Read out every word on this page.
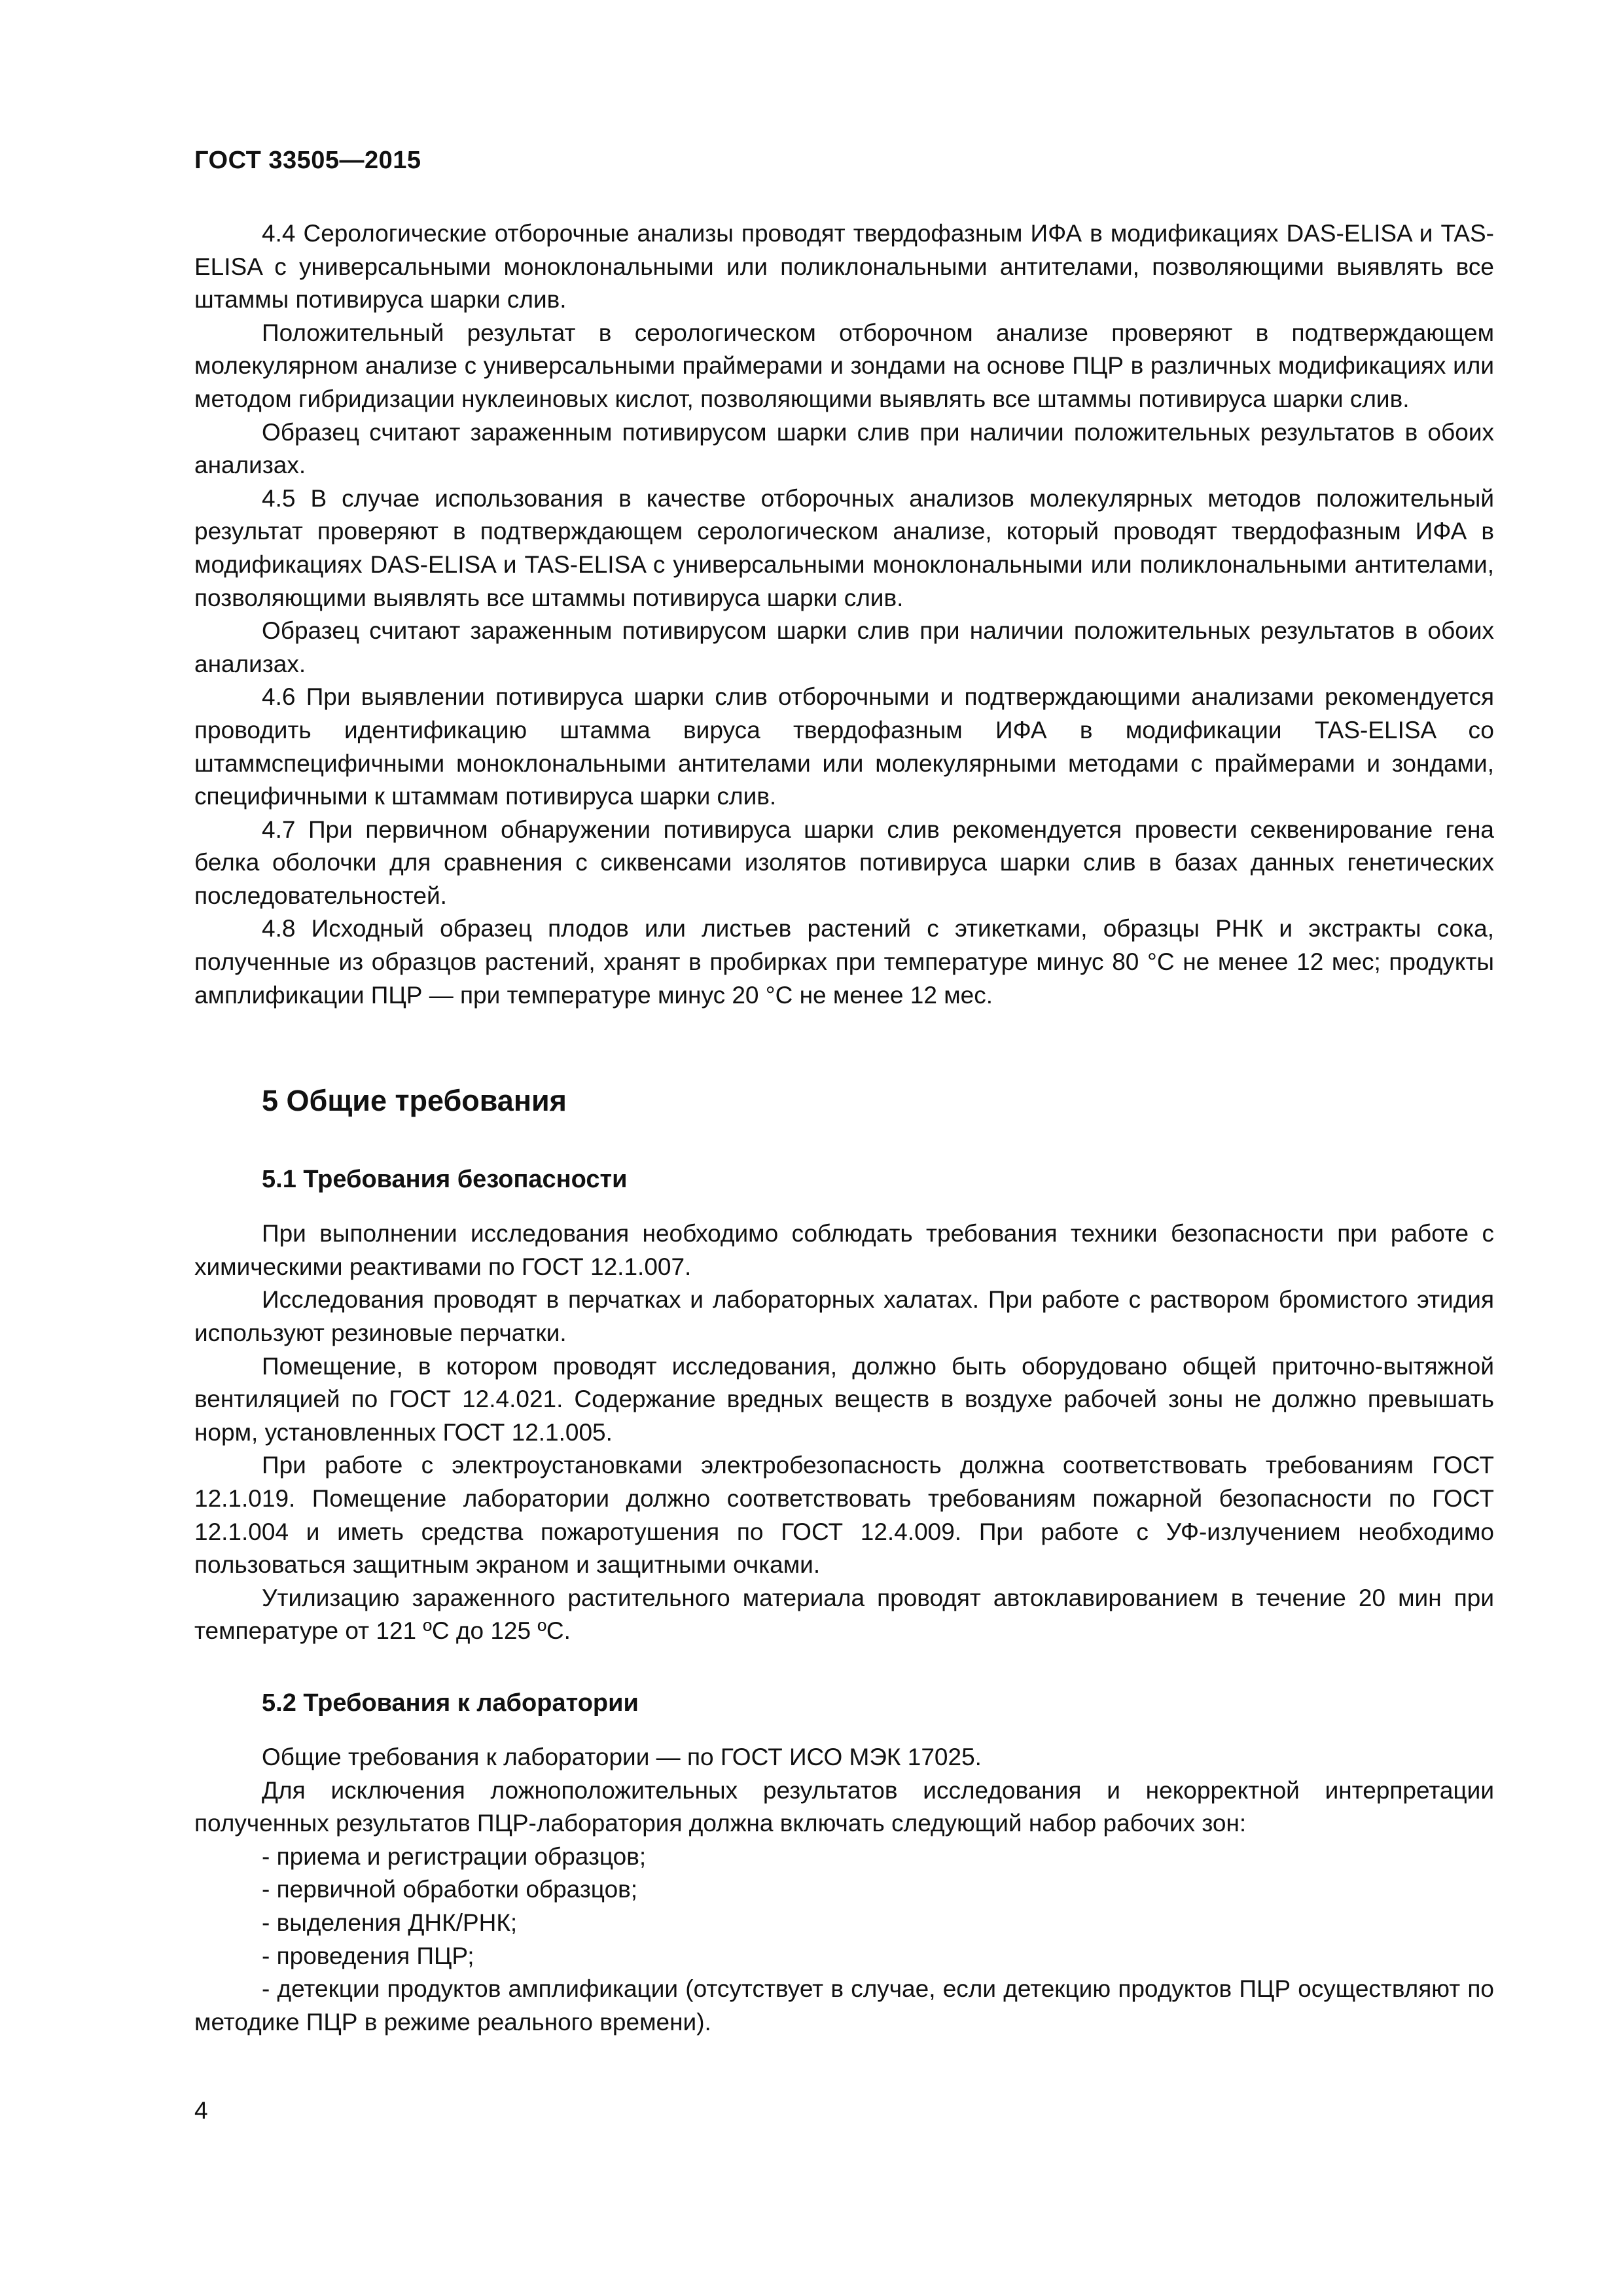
ГОСТ 33505—2015

4.4 Серологические отборочные анализы проводят твердофазным ИФА в модификациях DAS-ELISA и TAS-ELISA с универсальными моноклональными или поликлональными антителами, позволяющими выявлять все штаммы потивируса шарки слив.

Положительный результат в серологическом отборочном анализе проверяют в подтверждающем молекулярном анализе с универсальными праймерами и зондами на основе ПЦР в различных модификациях или методом гибридизации нуклеиновых кислот, позволяющими выявлять все штаммы потивируса шарки слив.

Образец считают зараженным потивирусом шарки слив при наличии положительных результатов в обоих анализах.

4.5 В случае использования в качестве отборочных анализов молекулярных методов положительный результат проверяют в подтверждающем серологическом анализе, который проводят твердофазным ИФА в модификациях DAS-ELISA и TAS-ELISA с универсальными моноклональными или поликлональными антителами, позволяющими выявлять все штаммы потивируса шарки слив.

Образец считают зараженным потивирусом шарки слив при наличии положительных результатов в обоих анализах.

4.6 При выявлении потивируса шарки слив отборочными и подтверждающими анализами рекомендуется проводить идентификацию штамма вируса твердофазным ИФА в модификации TAS-ELISA со штаммспецифичными моноклональными антителами или молекулярными методами с праймерами и зондами, специфичными к штаммам потивируса шарки слив.

4.7 При первичном обнаружении потивируса шарки слив рекомендуется провести секвенирование гена белка оболочки для сравнения с сиквенсами изолятов потивируса шарки слив в базах данных генетических последовательностей.

4.8 Исходный образец плодов или листьев растений с этикетками, образцы РНК и экстракты сока, полученные из образцов растений, хранят в пробирках при температуре минус 80 °С не менее 12 мес; продукты амплификации ПЦР — при температуре минус 20 °С не менее 12 мес.

5 Общие требования
5.1 Требования безопасности

При выполнении исследования необходимо соблюдать требования техники безопасности при работе с химическими реактивами по ГОСТ 12.1.007.

Исследования проводят в перчатках и лабораторных халатах. При работе с раствором бромистого этидия используют резиновые перчатки.

Помещение, в котором проводят исследования, должно быть оборудовано общей приточно-вытяжной вентиляцией по ГОСТ 12.4.021. Содержание вредных веществ в воздухе рабочей зоны не должно превышать норм, установленных ГОСТ 12.1.005.

При работе с электроустановками электробезопасность должна соответствовать требованиям ГОСТ 12.1.019. Помещение лаборатории должно соответствовать требованиям пожарной безопасности по ГОСТ 12.1.004 и иметь средства пожаротушения по ГОСТ 12.4.009. При работе с УФ-излучением необходимо пользоваться защитным экраном и защитными очками.

Утилизацию зараженного растительного материала проводят автоклавированием в течение 20 мин при температуре от 121 ºС до 125 ºС.

5.2 Требования к лаборатории

Общие требования к лаборатории — по ГОСТ ИСО МЭК 17025.

Для исключения ложноположительных результатов исследования и некорректной интерпретации полученных результатов ПЦР-лаборатория должна включать следующий набор рабочих зон:

- приема и регистрации образцов;

- первичной обработки образцов;

- выделения ДНК/РНК;

- проведения ПЦР;

- детекции продуктов амплификации (отсутствует в случае, если детекцию продуктов ПЦР осуществляют по методике ПЦР в режиме реального времени).

4
